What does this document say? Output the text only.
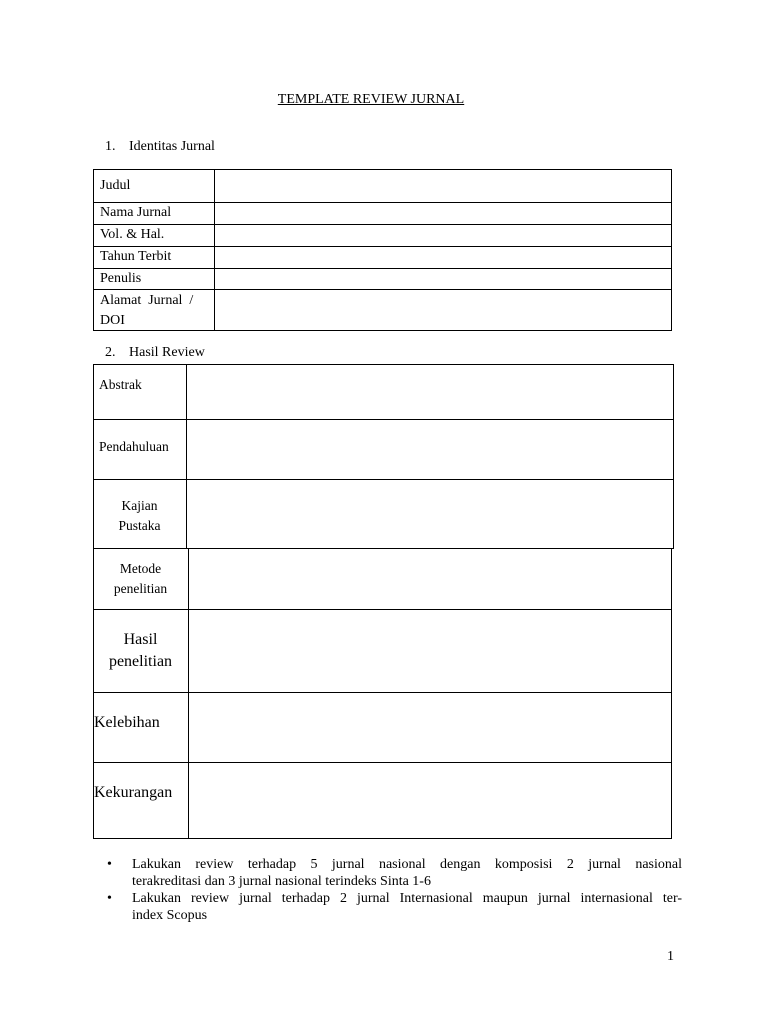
TEMPLATE REVIEW JURNAL
1. Identitas Jurnal
Judul
Nama Jurnal
Vol. & Hal.
Tahun Terbit
Penulis
Alamat  Jurnal  /
DOI
2. Hasil Review
Abstrak
Pendahuluan
Kajian
Pustaka
Metode
penelitian
Hasil
penelitian
Kelebihan
Kekurangan
• Lakukan review terhadap 5 jurnal nasional dengan komposisi 2 jurnal nasional
terakreditasi dan 3 jurnal nasional terindeks Sinta 1-6
• Lakukan review jurnal terhadap 2 jurnal Internasional maupun jurnal internasional ter-
index Scopus
1
